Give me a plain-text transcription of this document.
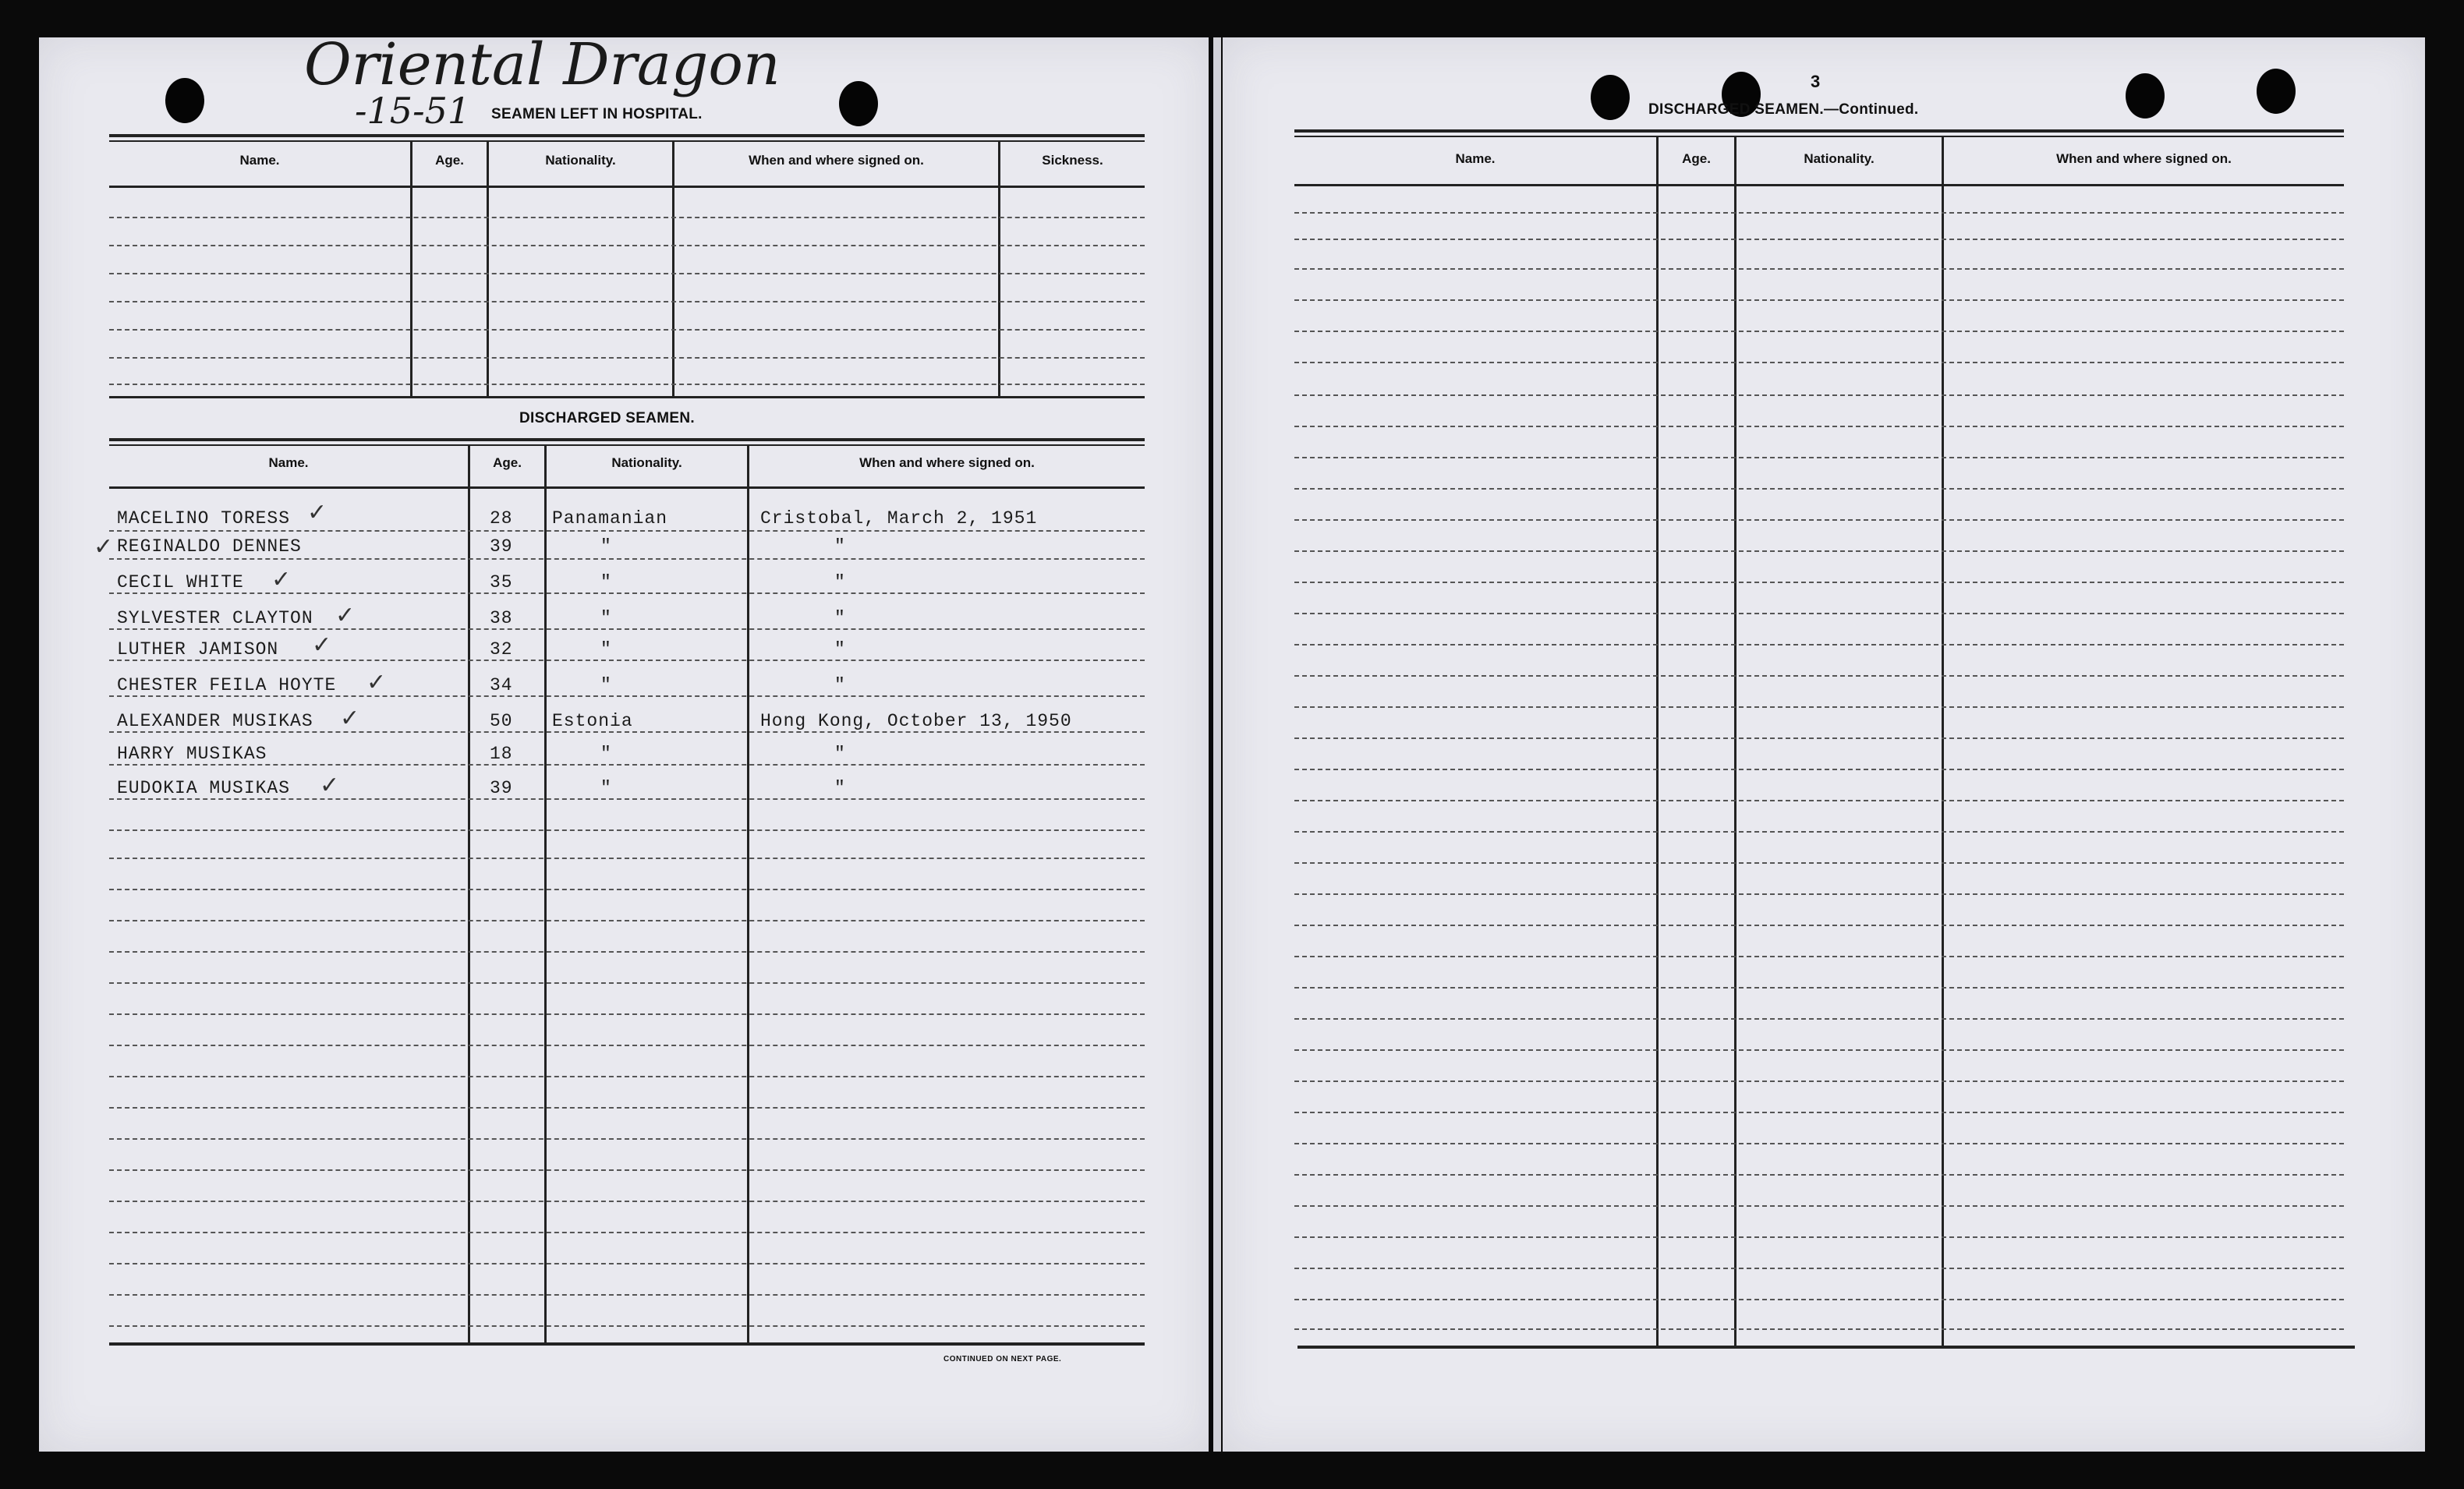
Oriental Dragon
-15-51 SEAMEN LEFT IN HOSPITAL.
Name.	Age.	Nationality.	When and where signed on.	Sickness.
DISCHARGED SEAMEN.
Name.	Age.	Nationality.	When and where signed on.
MACELINO TORESS	28 Panamanian	Cristobal, March 2, 1951
REGINALDO DENNES	39	"	"
CECIL WHITE	35	"	"
SYLVESTER CLAYTON	38	"	"
LUTHER JAMISON	32	"	"
CHESTER FEILA HOYTE	34	"	"
ALEXANDER MUSIKAS	50 Estonia	Hong Kong, October 13, 1950
HARRY MUSIKAS	18	"	"
EUDOKIA MUSIKAS	39	"	"
✓
✓
✓
✓
✓
✓
✓
✓
CONTINUED ON NEXT PAGE.
3
DISCHARGED SEAMEN.—Continued.
Name.	Age.	Nationality.	When and where signed on.
